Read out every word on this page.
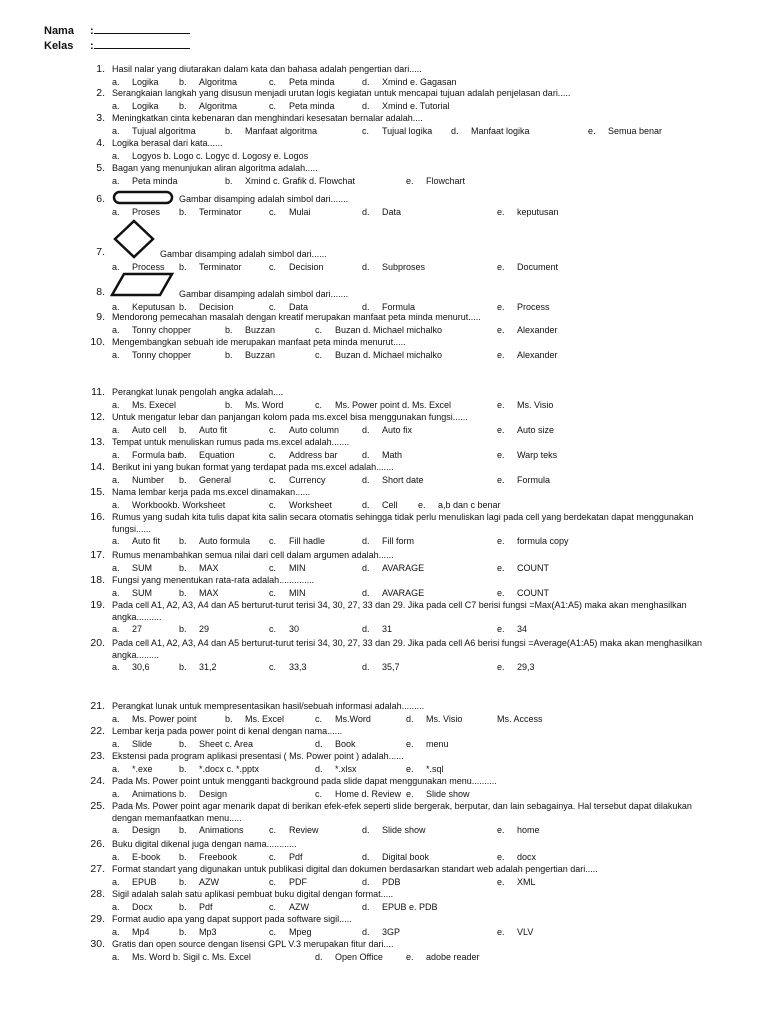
Nama :
Kelas :
1. Hasil nalar yang diutarakan dalam kata dan bahasa adalah pengertian dari.....
a. Logika b. Algoritma	c. Peta minda	d. Xmind e. Gagasan
2. Serangkaian langkah yang disusun menjadi urutan logis kegiatan untuk mencapai tujuan adalah penjelasan dari.....
a. Logika b. Algoritma	c. Peta minda	d. Xmind e. Tutorial
3. Meningkatkan cinta kebenaran dan menghindari kesesatan bernalar adalah....
a. Tujual algoritma	b. Manfaat algoritma	c. Tujual logika d. Manfaat logika	e. Semua benar
4. Logika berasal dari kata......
a. Logyos b. Logo c. Logyc d. Logosy e. Logos
5. Bagan yang menunjukan aliran algoritma adalah.....
a. Peta minda	b. Xmind c. Grafik d. Flowchat	e. Flowchart
6.	Gambar disamping adalah simbol dari.......
a. Proses b. Terminator	c. Mulai	d. Data	e. keputusan
7.	Gambar disamping adalah simbol dari......
a. Process b. Terminator	c. Decision	d. Subproses	e. Document
8.	Gambar disamping adalah simbol dari.......
a. Keputusan b. Decision	c. Data	d. Formula	e. Process
9. Mendorong pemecahan masalah dengan kreatif merupakan manfaat peta minda menurut.....
a. Tonny chopper	b. Buzzan	c. Buzan d. Michael michalko	e. Alexander
10. Mengembangkan sebuah ide merupakan manfaat peta minda menurut.....
a. Tonny chopper	b. Buzzan	c. Buzan d. Michael michalko	e. Alexander
11. Perangkat lunak pengolah angka adalah....
a. Ms. Execel	b. Ms. Word	c. Ms. Power point d. Ms. Excel	e. Ms. Visio
12. Untuk mengatur lebar dan panjangan kolom pada ms.excel bisa menggunakan fungsi......
a. Auto cell b. Auto fit	c. Auto column	d. Auto fix	e. Auto size
13. Tempat untuk menuliskan rumus pada ms.excel adalah.......
a. Formula bar
b. Equation	c. Address bar	d. Math	e. Warp teks
14. Berikut ini yang bukan format yang terdapat pada ms.excel adalah.......
a. Number b. General	c. Currency	d. Short date	e. Formula
15. Nama lembar kerja pada ms.excel dinamakan......
a. Workbookb. Worksheet	c. Worksheet	d. Cell e. a,b dan c benar
16. Rumus yang sudah kita tulis dapat kita salin secara otomatis sehingga tidak perlu menuliskan lagi pada cell yang berdekatan dapat menggunakan fungsi......
a. Auto fit b. Auto formula c. Fill hadle	d. Fill form	e. formula copy
17. Rumus menambahkan semua nilai dari cell dalam argumen adalah......
a. SUM	b. MAX	c. MIN	d. AVARAGE	e. COUNT
18. Fungsi yang menentukan rata-rata adalah..............
a. SUM	b. MAX	c. MIN	d. AVARAGE	e. COUNT
19. Pada cell A1, A2, A3, A4 dan A5 berturut-turut terisi 34, 30, 27, 33 dan 29. Jika pada cell C7 berisi fungsi =Max(A1:A5) maka akan menghasilkan angka..........
a. 27	b. 29	c. 30	d. 31	e. 34
20. Pada cell A1, A2, A3, A4 dan A5 berturut-turut terisi 34, 30, 27, 33 dan 29. Jika pada cell A6 berisi fungsi =Average(A1:A5) maka akan menghasilkan angka.........
a. 30,6	b. 31,2	c. 33,3	d. 35,7	e. 29,3
21. Perangkat lunak untuk mempresentasikan hasil/sebuah informasi adalah.........
a. Ms. Power point	b. Ms. Excel	c. Ms.Word	d. Ms. Visio	Ms. Access
22. Lembar kerja pada power point di kenal dengan nama......
a. Slide	b. Sheet c. Area	d. Book	e. menu
23. Ekstensi pada program aplikasi presentasi ( Ms. Power point ) adalah......
a. *.exe	b. *.docx c. *.pptx	d. *.xlsx	e. *.sql
24. Pada Ms. Power point untuk mengganti background pada slide dapat menggunakan menu..........
a. Animations b. Design	c. Home d. Review e. Slide show
25. Pada Ms. Power point agar menarik dapat di berikan efek-efek seperti slide bergerak, berputar, dan lain sebagainya. Hal tersebut dapat dilakukan dengan memanfaatkan menu.....
a. Design b. Animations	c. Review	d. Slide show	e. home
26. Buku digital dikenal juga dengan nama............
a. E-book b. Freebook	c. Pdf	d. Digital book	e. docx
27. Format standart yang digunakan untuk publikasi digital dan dokumen berdasarkan standart web adalah pengertian dari.....
a. EPUB b. AZW	c. PDF	d. PDB	e. XML
28. Sigil adalah salah satu aplikasi pembuat buku digital dengan format.....
a. Docx	b. Pdf	c. AZW	d. EPUB e. PDB
29. Format audio apa yang dapat support pada software sigil.....
a. Mp4	b. Mp3	c. Mpeg	d. 3GP	e. VLV
30. Gratis dan open source dengan lisensi GPL V.3 merupakan fitur dari....
a. Ms. Word b. Sigil c. Ms. Excel	d. Open Office	e. adobe reader
